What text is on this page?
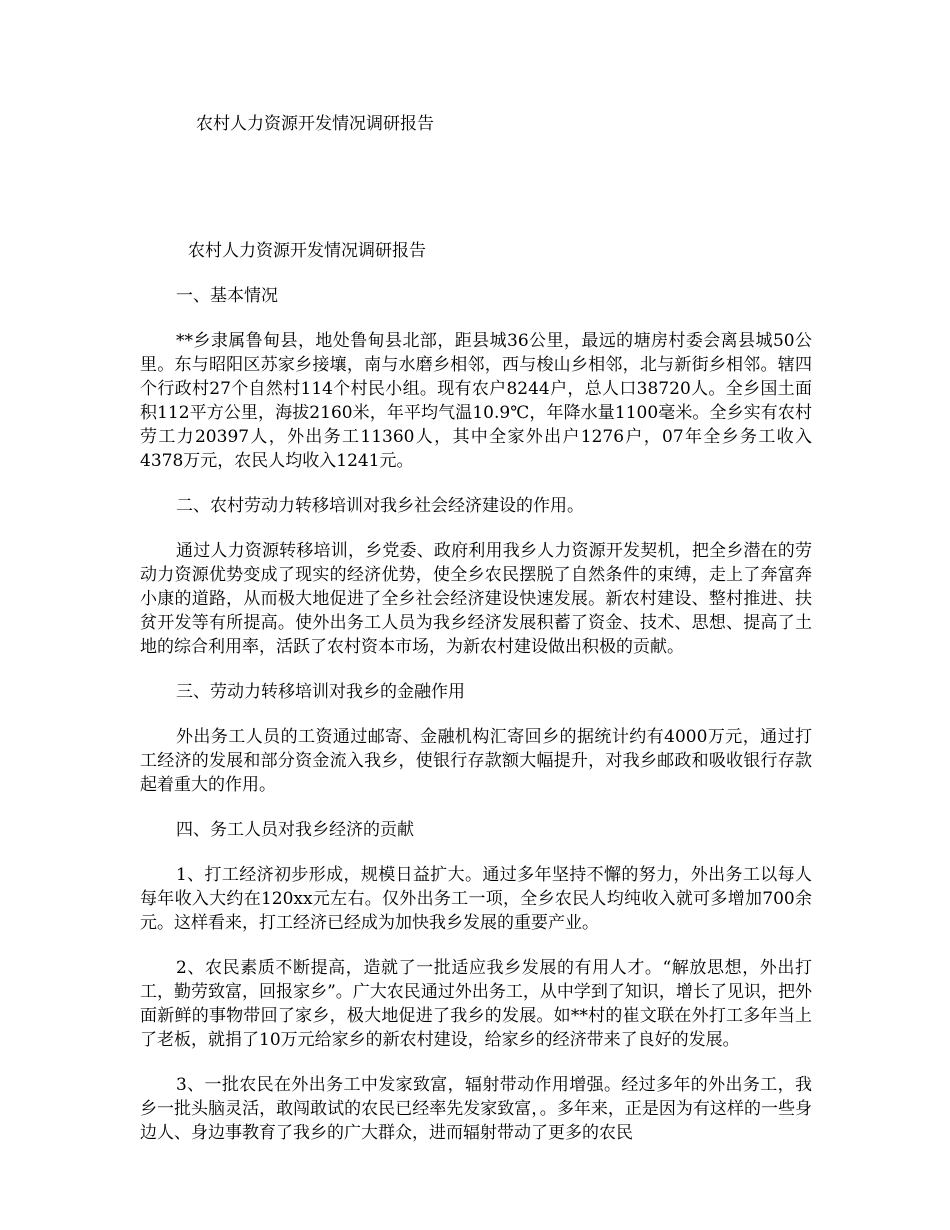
农村人力资源开发情况调研报告
农村人力资源开发情况调研报告
一、基本情况

**乡隶属鲁甸县，地处鲁甸县北部，距县城36公里，最远的塘房村委会离县城50公里。东与昭阳区苏家乡接壤，南与水磨乡相邻，西与梭山乡相邻，北与新街乡相邻。辖四个行政村27个自然村114个村民小组。现有农户8244户，总人口38720人。全乡国土面积112平方公里，海拔2160米，年平均气温10.9℃，年降水量1100毫米。全乡实有农村劳工力20397人，外出务工11360人，其中全家外出户1276户，07年全乡务工收入4378万元，农民人均收入1241元。

二、农村劳动力转移培训对我乡社会经济建设的作用。

通过人力资源转移培训，乡党委、政府利用我乡人力资源开发契机，把全乡潜在的劳动力资源优势变成了现实的经济优势，使全乡农民摆脱了自然条件的束缚，走上了奔富奔小康的道路，从而极大地促进了全乡社会经济建设快速发展。新农村建设、整村推进、扶贫开发等有所提高。使外出务工人员为我乡经济发展积蓄了资金、技术、思想、提高了土地的综合利用率，活跃了农村资本市场，为新农村建设做出积极的贡献。

三、劳动力转移培训对我乡的金融作用

外出务工人员的工资通过邮寄、金融机构汇寄回乡的据统计约有4000万元，通过打工经济的发展和部分资金流入我乡，使银行存款额大幅提升，对我乡邮政和吸收银行存款起着重大的作用。

四、务工人员对我乡经济的贡献

1、打工经济初步形成，规模日益扩大。通过多年坚持不懈的努力，外出务工以每人每年收入大约在120xx元左右。仅外出务工一项，全乡农民人均纯收入就可多增加700余元。这样看来，打工经济已经成为加快我乡发展的重要产业。

2、农民素质不断提高，造就了一批适应我乡发展的有用人才。“解放思想，外出打工，勤劳致富，回报家乡”。广大农民通过外出务工，从中学到了知识，增长了见识，把外面新鲜的事物带回了家乡，极大地促进了我乡的发展。如**村的崔文联在外打工多年当上了老板，就捐了10万元给家乡的新农村建设，给家乡的经济带来了良好的发展。

3、一批农民在外出务工中发家致富，辐射带动作用增强。经过多年的外出务工，我乡一批头脑灵活，敢闯敢试的农民已经率先发家致富，。多年来，正是因为有这样的一些身边人、身边事教育了我乡的广大群众，进而辐射带动了更多的农民
